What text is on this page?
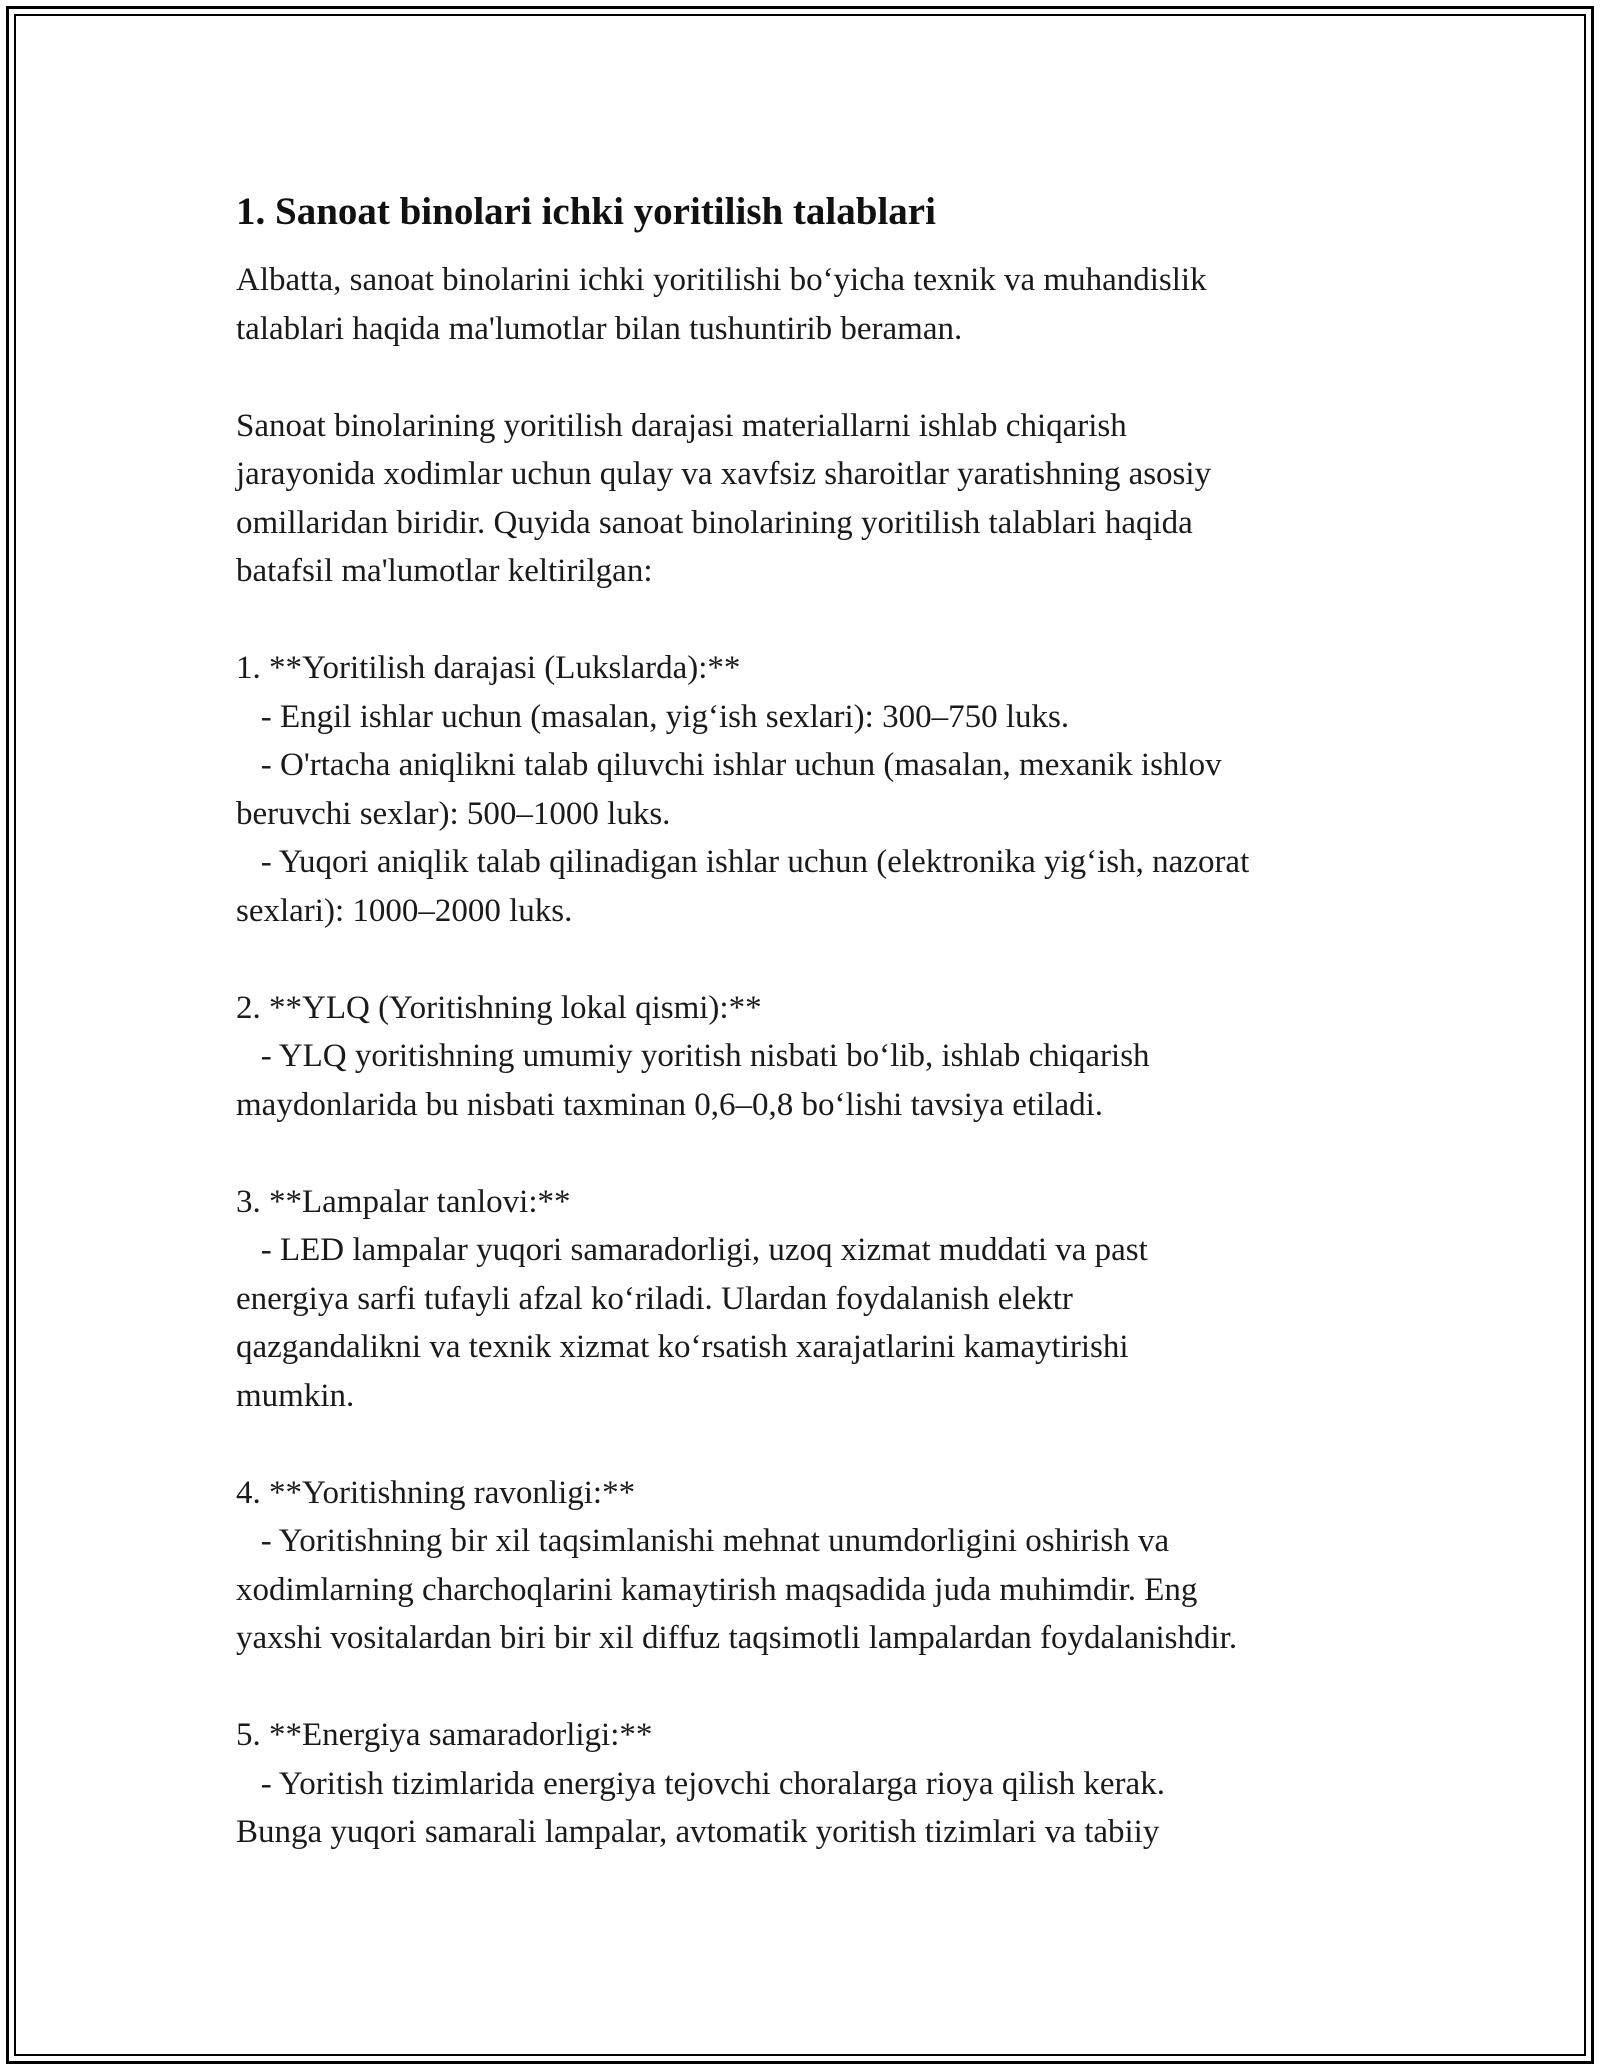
1. Sanoat binolari ichki yoritilish talablari
Albatta, sanoat binolarini ichki yoritilishi bo‘yicha texnik va muhandislik
talablari haqida ma'lumotlar bilan tushuntirib beraman.
Sanoat binolarining yoritilish darajasi materiallarni ishlab chiqarish
jarayonida xodimlar uchun qulay va xavfsiz sharoitlar yaratishning asosiy
omillaridan biridir. Quyida sanoat binolarining yoritilish talablari haqida
batafsil ma'lumotlar keltirilgan:
1. **Yoritilish darajasi (Lukslarda):**
- Engil ishlar uchun (masalan, yig‘ish sexlari): 300–750 luks.
- O'rtacha aniqlikni talab qiluvchi ishlar uchun (masalan, mexanik ishlov
beruvchi sexlar): 500–1000 luks.
- Yuqori aniqlik talab qilinadigan ishlar uchun (elektronika yig‘ish, nazorat
sexlari): 1000–2000 luks.
2. **YLQ (Yoritishning lokal qismi):**
- YLQ yoritishning umumiy yoritish nisbati bo‘lib, ishlab chiqarish
maydonlarida bu nisbati taxminan 0,6–0,8 bo‘lishi tavsiya etiladi.
3. **Lampalar tanlovi:**
- LED lampalar yuqori samaradorligi, uzoq xizmat muddati va past
energiya sarfi tufayli afzal ko‘riladi. Ulardan foydalanish elektr
qazgandalikni va texnik xizmat ko‘rsatish xarajatlarini kamaytirishi
mumkin.
4. **Yoritishning ravonligi:**
- Yoritishning bir xil taqsimlanishi mehnat unumdorligini oshirish va
xodimlarning charchoqlarini kamaytirish maqsadida juda muhimdir. Eng
yaxshi vositalardan biri bir xil diffuz taqsimotli lampalardan foydalanishdir.
5. **Energiya samaradorligi:**
- Yoritish tizimlarida energiya tejovchi choralarga rioya qilish kerak.
Bunga yuqori samarali lampalar, avtomatik yoritish tizimlari va tabiiy
